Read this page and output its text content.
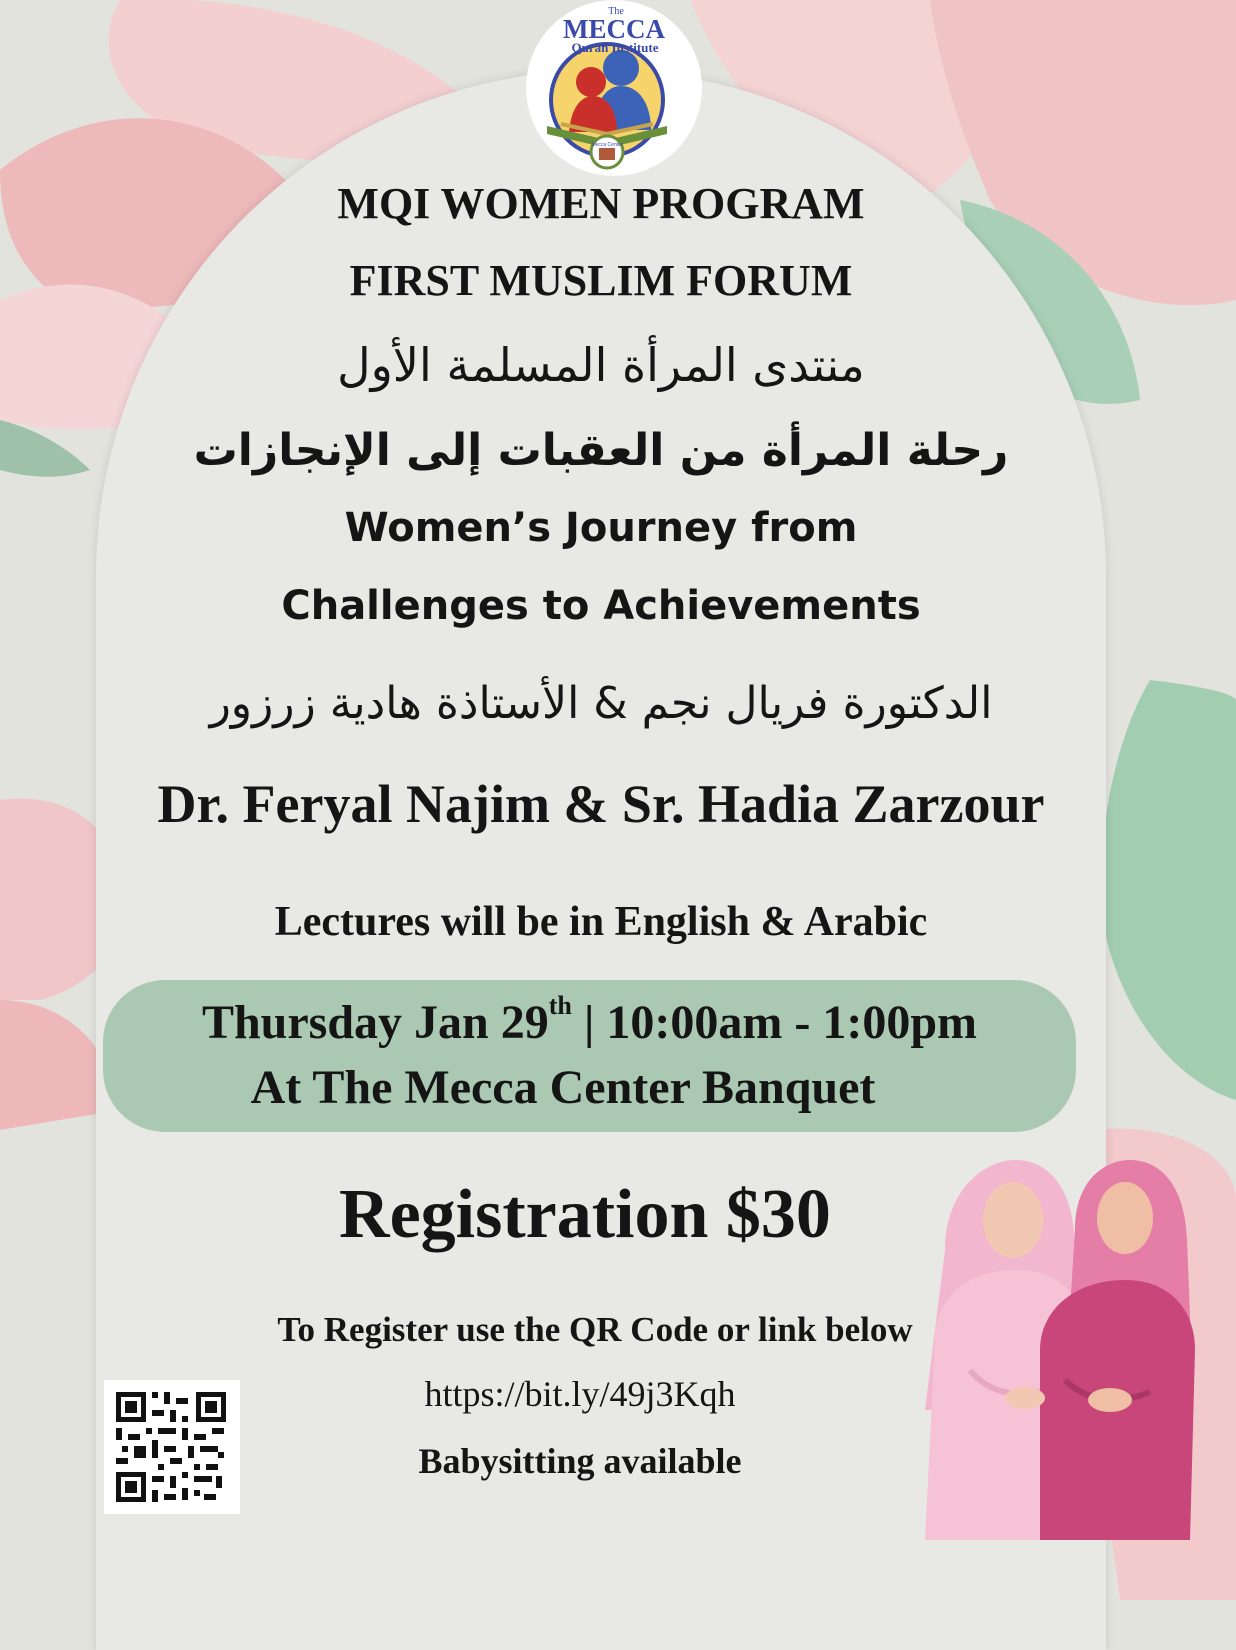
The
MECCA
Quran Institute
Mecca Center
MQI WOMEN PROGRAM
FIRST MUSLIM FORUM
منتدى المرأة المسلمة الأول
رحلة المرأة من العقبات إلى الإنجازات
Women’s Journey from
Challenges to Achievements
الدكتورة فريال نجم & الأستاذة هادية زرزور
Dr. Feryal Najim & Sr. Hadia Zarzour
Lectures will be in English & Arabic
Thursday Jan 29th | 10:00am - 1:00pm
At The Mecca Center Banquet
Registration $30
To Register use the QR Code or link below
https://bit.ly/49j3Kqh
Babysitting available
